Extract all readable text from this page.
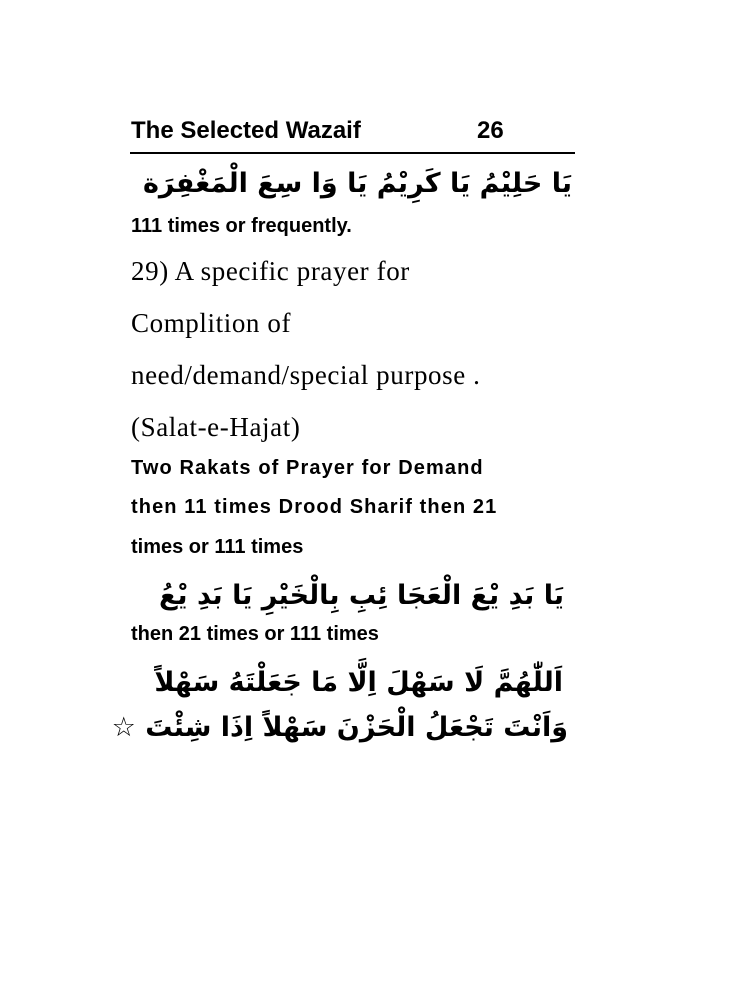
The Selected Wazaif	26
يَا حَلِيْمُ يَا كَرِيْمُ يَا وَا سِعَ الْمَغْفِرَة
111 times or frequently.
29) A specific prayer for
Complition of
need/demand/special purpose .
(Salat-e-Hajat)
Two Rakats of Prayer for Demand
then 11 times Drood Sharif then 21
times or 111 times
يَا بَدِ يْعَ الْعَجَا ئِبِ بِالْخَيْرِ يَا بَدِ يْعُ
then 21 times or 111 times
اَللّٰهُمَّ لَا سَهْلَ اِلَّا مَا جَعَلْتَهُ سَهْلاً
وَاَنْتَ تَجْعَلُ الْحَزْنَ سَهْلاً اِذَا شِئْتَ ☆
